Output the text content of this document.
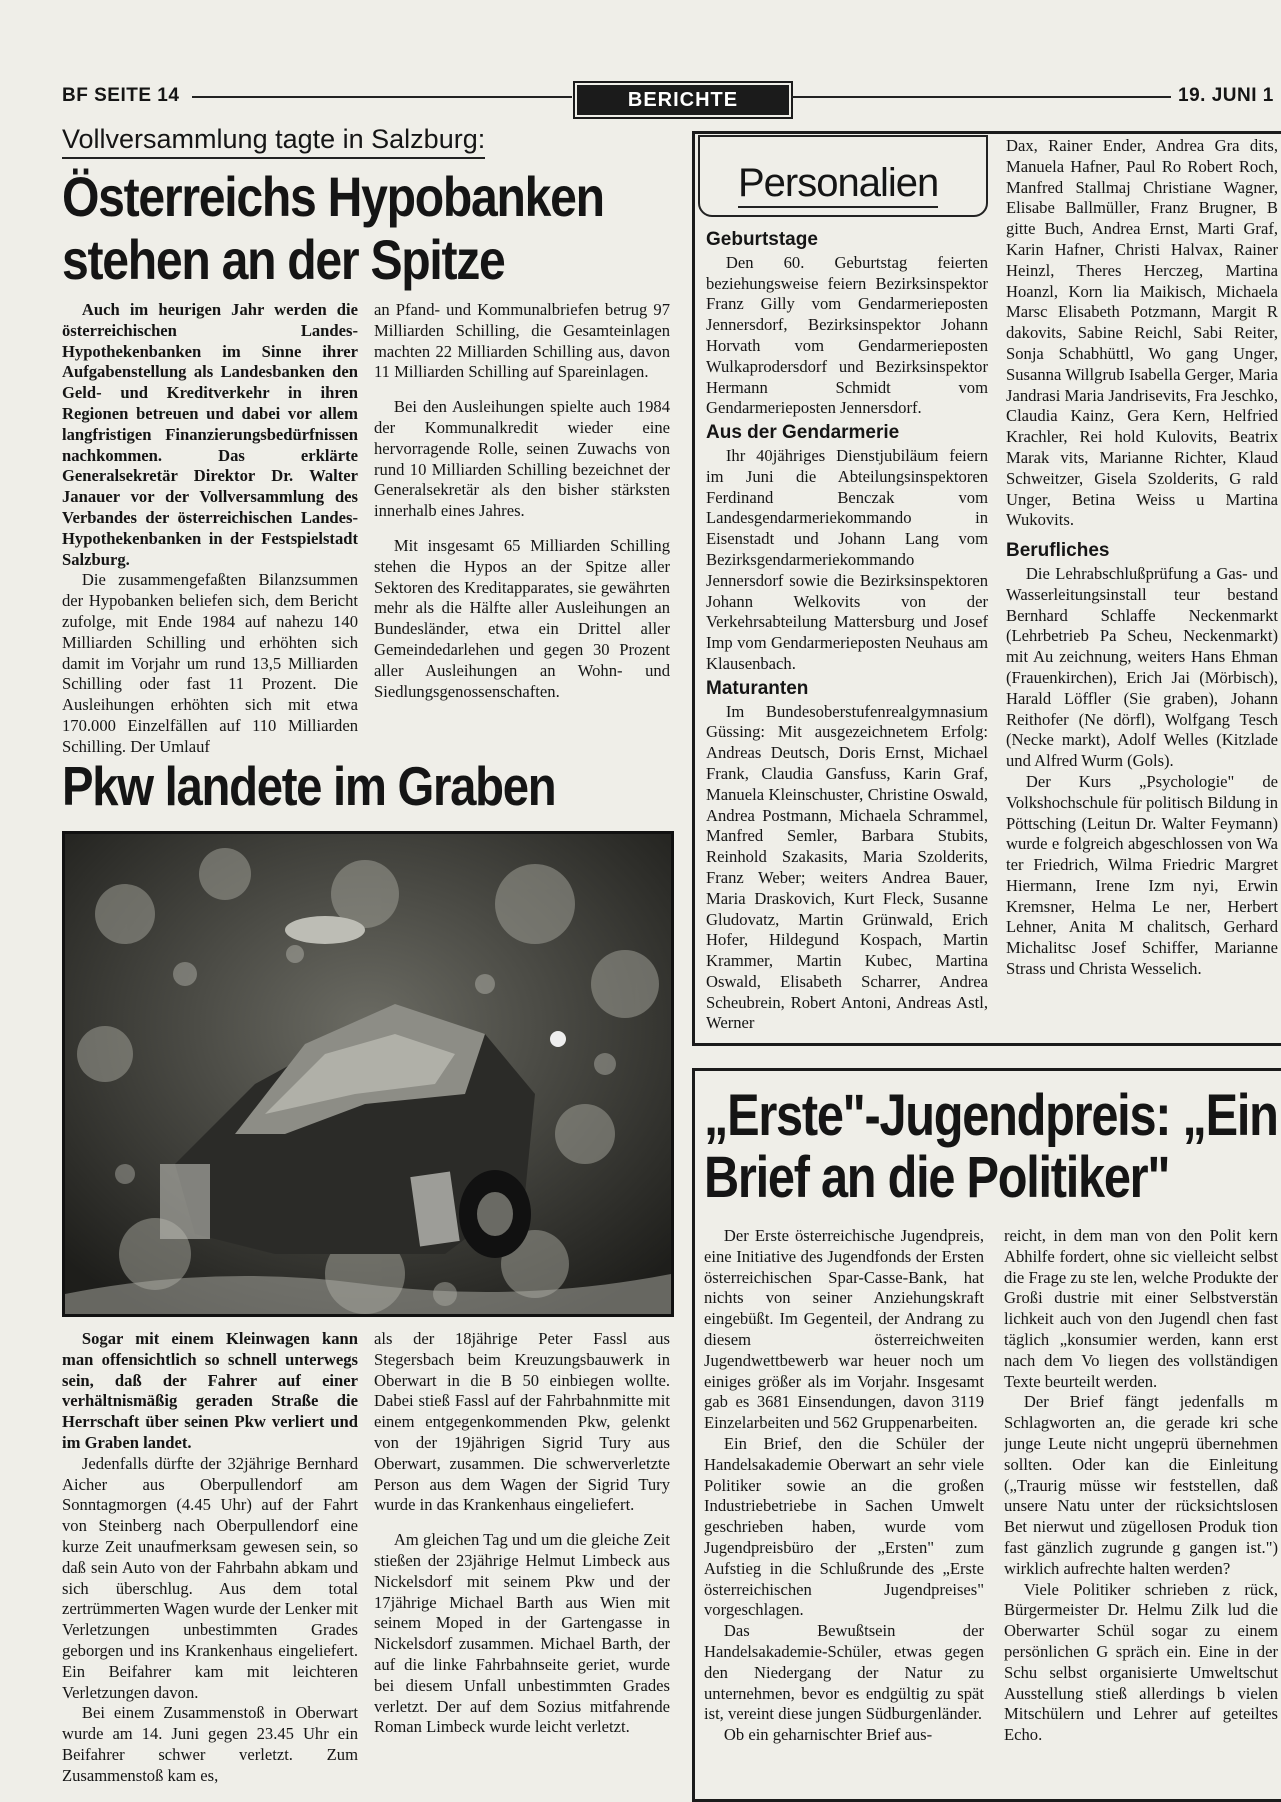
BF SEITE 14	BERICHTE	19. JUNI 1
Vollversammlung tagte in Salzburg:
Österreichs Hypobanken
stehen an der Spitze

Auch im heurigen Jahr werden die österreichischen Landes-Hypothekenbanken im Sinne ihrer Aufgabenstellung als Landesbanken den Geld- und Kreditverkehr in ihren Regionen betreuen und dabei vor allem langfristigen Finanzierungsbedürfnissen nachkommen. Das erklärte Generalsekretär Direktor Dr. Walter Janauer vor der Vollversammlung des Verbandes der österreichischen Landes-Hypothekenbanken in der Festspielstadt Salzburg.

Die zusammengefaßten Bilanzsummen der Hypobanken beliefen sich, dem Bericht zufolge, mit Ende 1984 auf nahezu 140 Milliarden Schilling und erhöhten sich damit im Vorjahr um rund 13,5 Milliarden Schilling oder fast 11 Prozent. Die Ausleihungen erhöhten sich mit etwa 170.000 Einzelfällen auf 110 Milliarden Schilling. Der Umlauf

an Pfand- und Kommunalbriefen betrug 97 Milliarden Schilling, die Gesamteinlagen machten 22 Milliarden Schilling aus, davon 11 Milliarden Schilling auf Spareinlagen.

Bei den Ausleihungen spielte auch 1984 der Kommunalkredit wieder eine hervorragende Rolle, seinen Zuwachs von rund 10 Milliarden Schilling bezeichnet der Generalsekretär als den bisher stärksten innerhalb eines Jahres.

Mit insgesamt 65 Milliarden Schilling stehen die Hypos an der Spitze aller Sektoren des Kreditapparates, sie gewährten mehr als die Hälfte aller Ausleihungen an Bundesländer, etwa ein Drittel aller Gemeindedarlehen und gegen 30 Prozent aller Ausleihungen an Wohn- und Siedlungsgenossenschaften.

Pkw landete im Graben

Sogar mit einem Kleinwagen kann man offensichtlich so schnell unterwegs sein, daß der Fahrer auf einer verhältnismäßig geraden Straße die Herrschaft über seinen Pkw verliert und im Graben landet.

Jedenfalls dürfte der 32jährige Bernhard Aicher aus Oberpullendorf am Sonntagmorgen (4.45 Uhr) auf der Fahrt von Steinberg nach Oberpullendorf eine kurze Zeit unaufmerksam gewesen sein, so daß sein Auto von der Fahrbahn abkam und sich überschlug. Aus dem total zertrümmerten Wagen wurde der Lenker mit Verletzungen unbestimmten Grades geborgen und ins Krankenhaus eingeliefert. Ein Beifahrer kam mit leichteren Verletzungen davon.

Bei einem Zusammenstoß in Oberwart wurde am 14. Juni gegen 23.45 Uhr ein Beifahrer schwer verletzt. Zum Zusammenstoß kam es,

als der 18jährige Peter Fassl aus Stegersbach beim Kreuzungsbauwerk in Oberwart in die B 50 einbiegen wollte. Dabei stieß Fassl auf der Fahrbahnmitte mit einem entgegenkommenden Pkw, gelenkt von der 19jährigen Sigrid Tury aus Oberwart, zusammen. Die schwerverletzte Person aus dem Wagen der Sigrid Tury wurde in das Krankenhaus eingeliefert.

Am gleichen Tag und um die gleiche Zeit stießen der 23jährige Helmut Limbeck aus Nickelsdorf mit seinem Pkw und der 17jährige Michael Barth aus Wien mit seinem Moped in der Gartengasse in Nickelsdorf zusammen. Michael Barth, der auf die linke Fahrbahnseite geriet, wurde bei diesem Unfall unbestimmten Grades verletzt. Der auf dem Sozius mitfahrende Roman Limbeck wurde leicht verletzt.

Personalien
Geburtstage

Den 60. Geburtstag feierten beziehungsweise feiern Bezirksinspektor Franz Gilly vom Gendarmerieposten Jennersdorf, Bezirksinspektor Johann Horvath vom Gendarmerieposten Wulkaprodersdorf und Bezirksinspektor Hermann Schmidt vom Gendarmerieposten Jennersdorf.

Aus der Gendarmerie

Ihr 40jähriges Dienstjubiläum feiern im Juni die Abteilungsinspektoren Ferdinand Benczak vom Landesgendarmeriekommando in Eisenstadt und Johann Lang vom Bezirksgendarmeriekommando Jennersdorf sowie die Bezirksinspektoren Johann Welkovits von der Verkehrsabteilung Mattersburg und Josef Imp vom Gendarmerieposten Neuhaus am Klausenbach.

Maturanten

Im Bundesoberstufenrealgymnasium Güssing: Mit ausgezeichnetem Erfolg: Andreas Deutsch, Doris Ernst, Michael Frank, Claudia Gansfuss, Karin Graf, Manuela Kleinschuster, Christine Oswald, Andrea Postmann, Michaela Schrammel, Manfred Semler, Barbara Stubits, Reinhold Szakasits, Maria Szolderits, Franz Weber; weiters Andrea Bauer, Maria Draskovich, Kurt Fleck, Susanne Gludovatz, Martin Grünwald, Erich Hofer, Hildegund Kospach, Martin Krammer, Martin Kubec, Martina Oswald, Elisabeth Scharrer, Andrea Scheubrein, Robert Antoni, Andreas Astl, Werner

Dax, Rainer Ender, Andrea Gra dits, Manuela Hafner, Paul Ro Robert Roch, Manfred Stallmaj Christiane Wagner, Elisabe Ballmüller, Franz Brugner, B gitte Buch, Andrea Ernst, Marti Graf, Karin Hafner, Christi Halvax, Rainer Heinzl, Theres Herczeg, Martina Hoanzl, Korn lia Maikisch, Michaela Marsc Elisabeth Potzmann, Margit R dakovits, Sabine Reichl, Sabi Reiter, Sonja Schabhüttl, Wo gang Unger, Susanna Willgrub Isabella Gerger, Maria Jandrasi Maria Jandrisevits, Fra Jeschko, Claudia Kainz, Gera Kern, Helfried Krachler, Rei hold Kulovits, Beatrix Marak vits, Marianne Richter, Klaud Schweitzer, Gisela Szolderits, G rald Unger, Betina Weiss u Martina Wukovits.

Berufliches

Die Lehrabschlußprüfung a Gas- und Wasserleitungsinstall teur bestand Bernhard Schlaffe Neckenmarkt (Lehrbetrieb Pa Scheu, Neckenmarkt) mit Au zeichnung, weiters Hans Ehman (Frauenkirchen), Erich Jai (Mörbisch), Harald Löffler (Sie graben), Johann Reithofer (Ne dörfl), Wolfgang Tesch (Necke markt), Adolf Welles (Kitzlade und Alfred Wurm (Gols).

Der Kurs „Psychologie" de Volkshochschule für politisch Bildung in Pöttsching (Leitun Dr. Walter Feymann) wurde e folgreich abgeschlossen von Wa ter Friedrich, Wilma Friedric Margret Hiermann, Irene Izm nyi, Erwin Kremsner, Helma Le ner, Herbert Lehner, Anita M chalitsch, Gerhard Michalitsc Josef Schiffer, Marianne Strass und Christa Wesselich.

„Erste"-Jugendpreis: „Ein
Brief an die Politiker"

Der Erste österreichische Jugendpreis, eine Initiative des Jugendfonds der Ersten österreichischen Spar-Casse-Bank, hat nichts von seiner Anziehungskraft eingebüßt. Im Gegenteil, der Andrang zu diesem österreichweiten Jugendwettbewerb war heuer noch um einiges größer als im Vorjahr. Insgesamt gab es 3681 Einsendungen, davon 3119 Einzelarbeiten und 562 Gruppenarbeiten.

Ein Brief, den die Schüler der Handelsakademie Oberwart an sehr viele Politiker sowie an die großen Industriebetriebe in Sachen Umwelt geschrieben haben, wurde vom Jugendpreisbüro der „Ersten" zum Aufstieg in die Schlußrunde des „Erste österreichischen Jugendpreises" vorgeschlagen.

Das Bewußtsein der Handelsakademie-Schüler, etwas gegen den Niedergang der Natur zu unternehmen, bevor es endgültig zu spät ist, vereint diese jungen Südburgenländer.

Ob ein geharnischter Brief aus-

reicht, in dem man von den Polit kern Abhilfe fordert, ohne sic vielleicht selbst die Frage zu ste len, welche Produkte der Großi dustrie mit einer Selbstverstän lichkeit auch von den Jugendl chen fast täglich „konsumier werden, kann erst nach dem Vo liegen des vollständigen Texte beurteilt werden.

Der Brief fängt jedenfalls m Schlagworten an, die gerade kri sche junge Leute nicht ungeprü übernehmen sollten. Oder kan die Einleitung („Traurig müsse wir feststellen, daß unsere Natu unter der rücksichtslosen Bet nierwut und zügellosen Produk tion fast gänzlich zugrunde g gangen ist.") wirklich aufrechte halten werden?

Viele Politiker schrieben z rück, Bürgermeister Dr. Helmu Zilk lud die Oberwarter Schül sogar zu einem persönlichen G spräch ein. Eine in der Schu selbst organisierte Umweltschut Ausstellung stieß allerdings b vielen Mitschülern und Lehrer auf geteiltes Echo.
